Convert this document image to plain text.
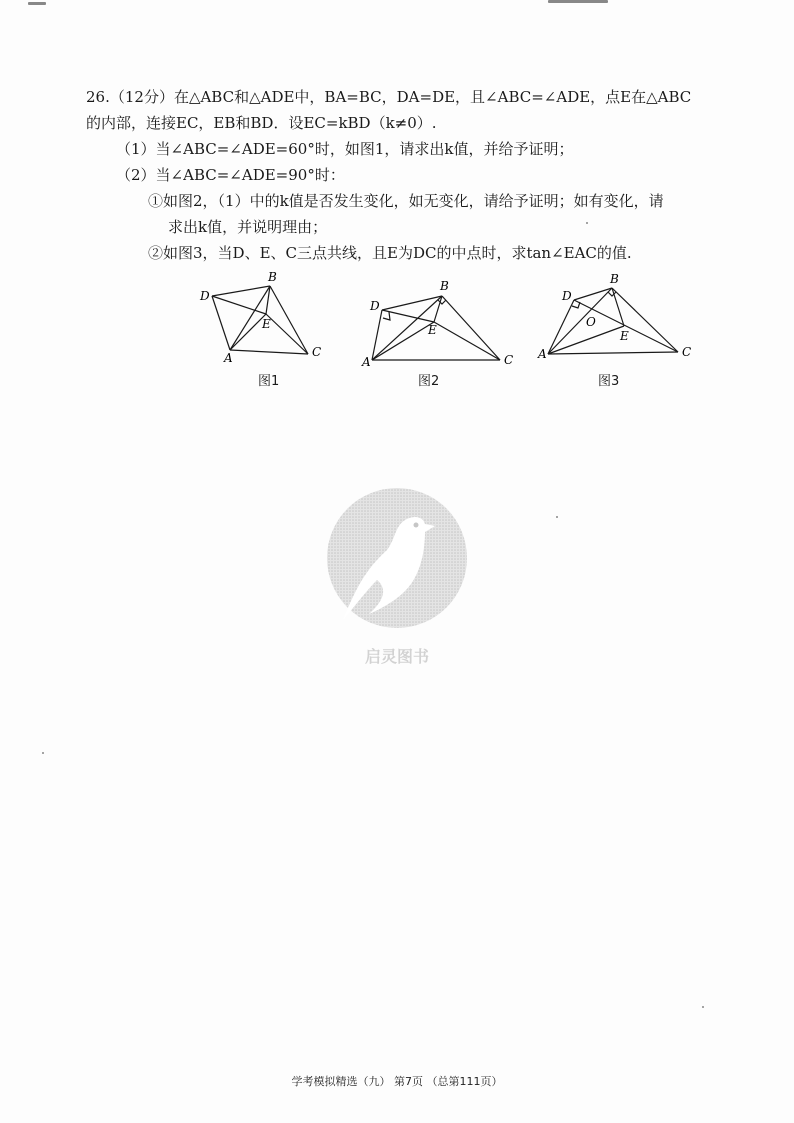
26.（12分）在△ABC和△ADE中，BA=BC，DA=DE，且∠ABC=∠ADE，点E在△ABC
的内部，连接EC，EB和BD．设EC=kBD（k≠0）.
（1）当∠ABC=∠ADE=60°时，如图1，请求出k值，并给予证明；
（2）当∠ABC=∠ADE=90°时：
①如图2，（1）中的k值是否发生变化，如无变化，请给予证明；如有变化，请
求出k值，并说明理由；
②如图3，当D、E、C三点共线，且E为DC的中点时，求tan∠EAC的值.
A
B
C
D
E
图1
A
B
C
D
E
图2
A
B
C
D
E
O
图3
启灵图书
学考模拟精选（九） 第7页 （总第111页）
